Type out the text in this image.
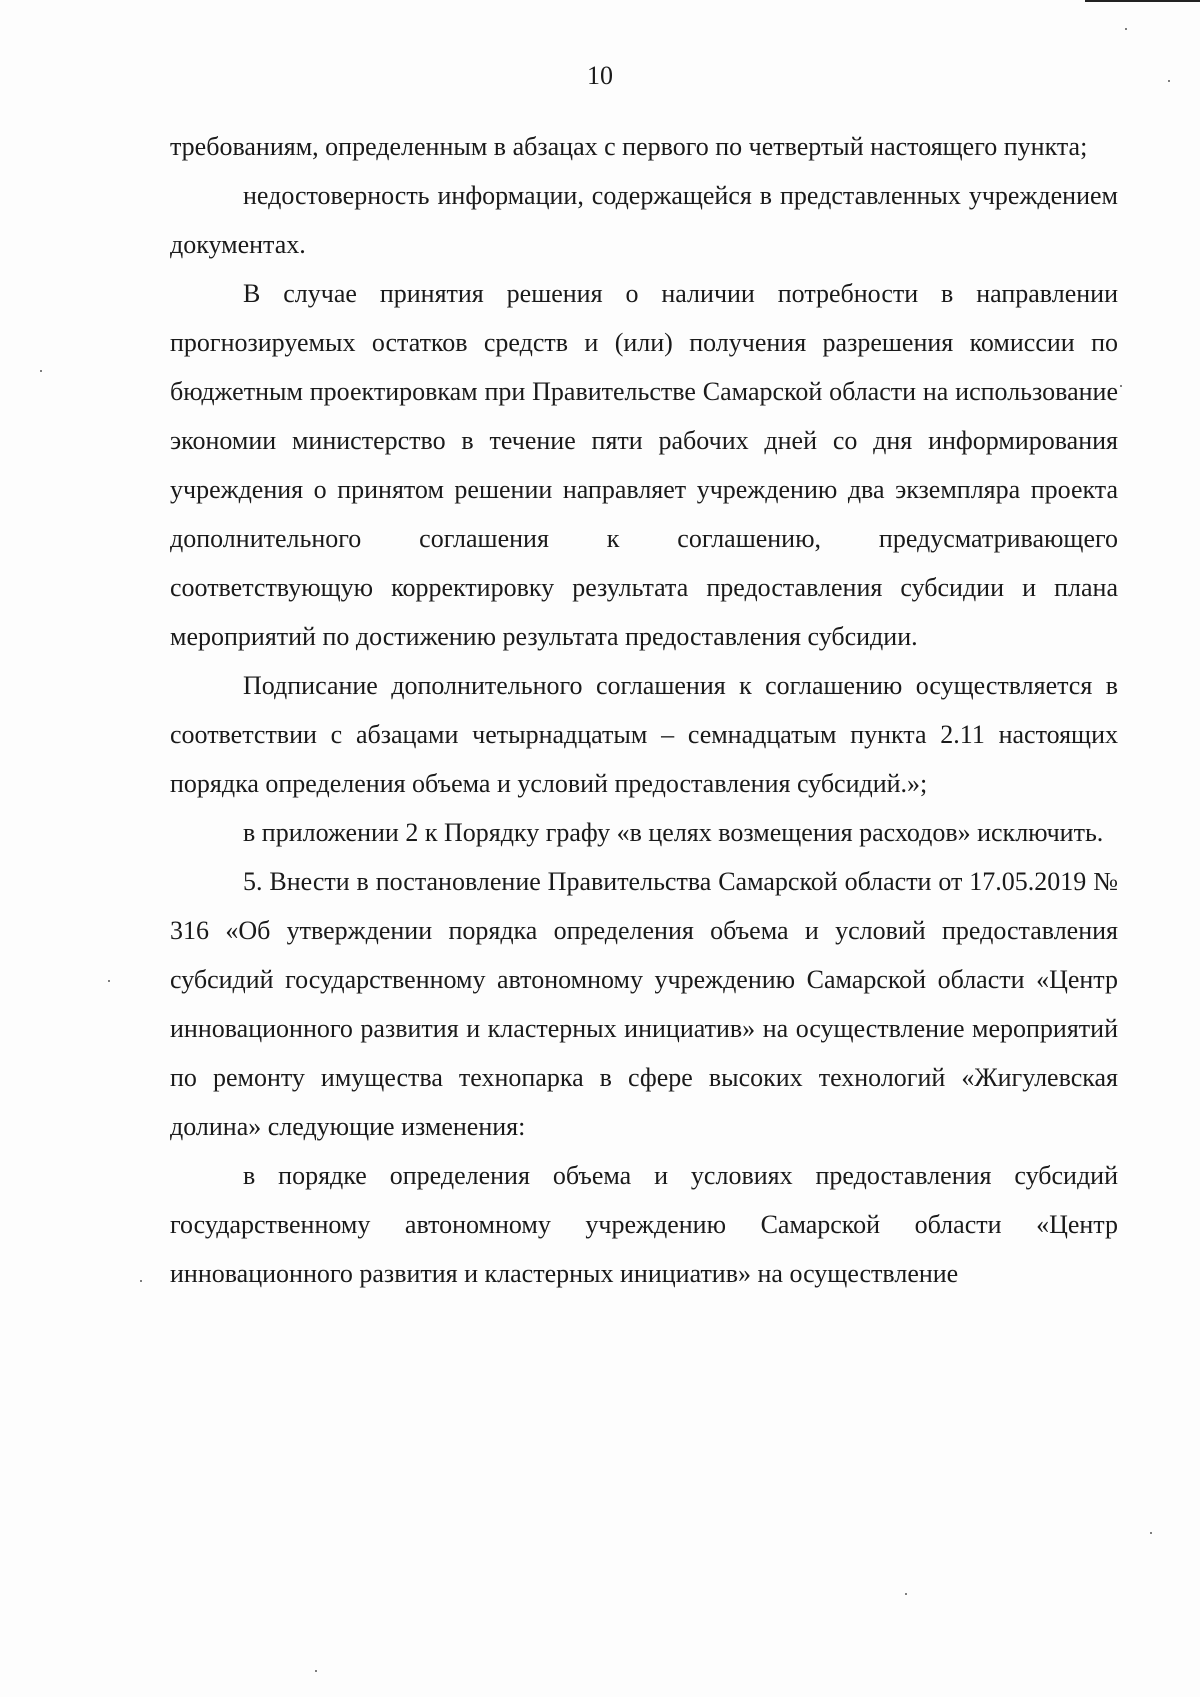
10

требованиям, определенным в абзацах с первого по четвертый настоящего пункта;

недостоверность информации, содержащейся в представленных учреждением документах.

В случае принятия решения о наличии потребности в направлении прогнозируемых остатков средств и (или) получения разрешения комиссии по бюджетным проектировкам при Правительстве Самарской области на использование экономии министерство в течение пяти рабочих дней со дня информирования учреждения о принятом решении направляет учреждению два экземпляра проекта дополнительного соглашения к соглашению, предусматривающего соответствующую корректировку результата предоставления субсидии и плана мероприятий по достижению результата предоставления субсидии.

Подписание дополнительного соглашения к соглашению осуществляется в соответствии с абзацами четырнадцатым – семнадцатым пункта 2.11 настоящих порядка определения объема и условий предоставления субсидий.»;

в приложении 2 к Порядку графу «в целях возмещения расходов» исключить.

5. Внести в постановление Правительства Самарской области от 17.05.2019 № 316 «Об утверждении порядка определения объема и условий предоставления субсидий государственному автономному учреждению Самарской области «Центр инновационного развития и кластерных инициатив» на осуществление мероприятий по ремонту имущества технопарка в сфере высоких технологий «Жигулевская долина» следующие изменения:

в порядке определения объема и условиях предоставления субсидий государственному автономному учреждению Самарской области «Центр инновационного развития и кластерных инициатив» на осуществление
